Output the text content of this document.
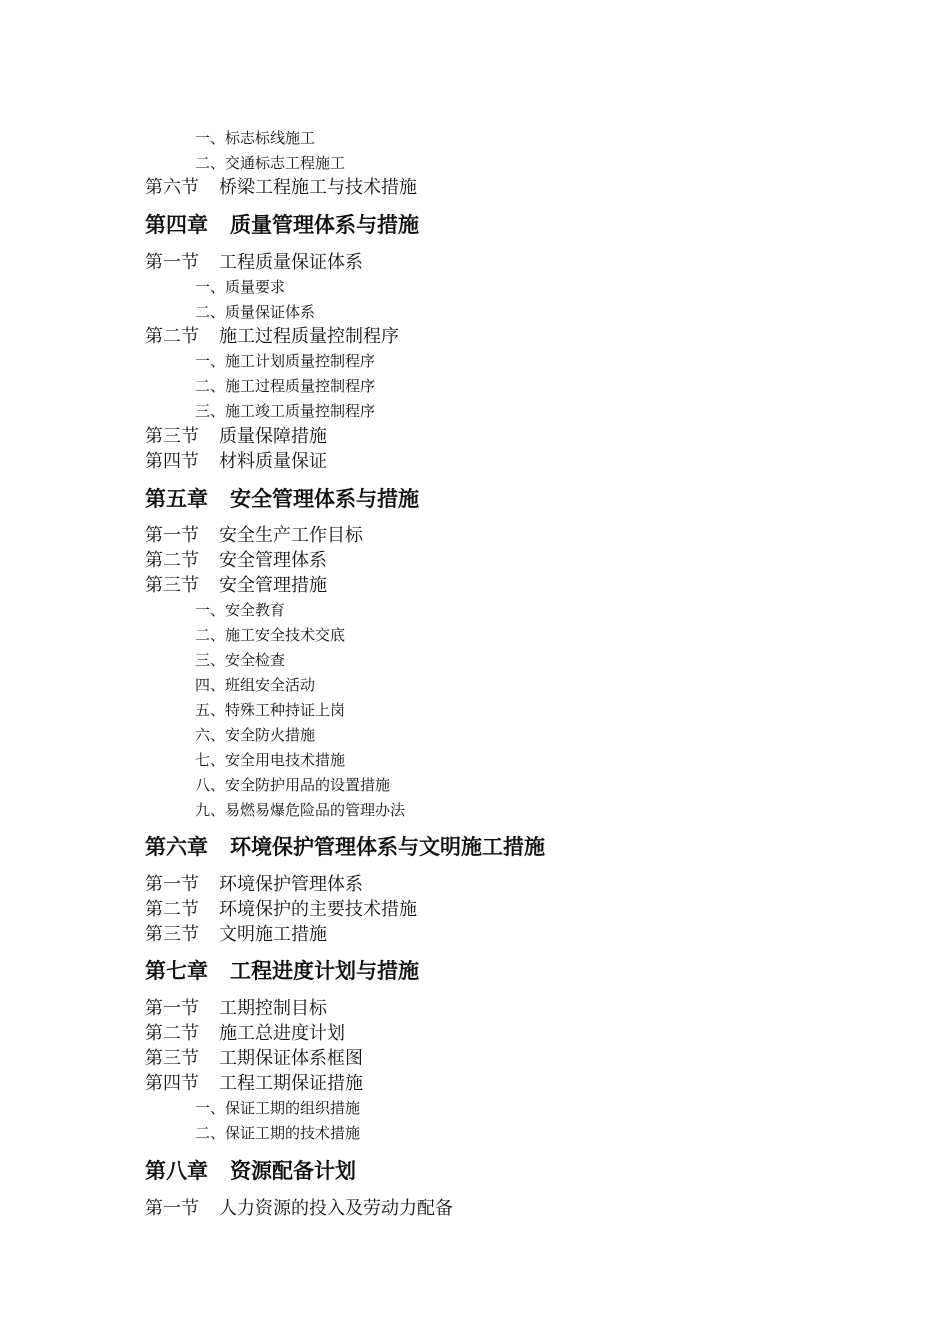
一、标志标线施工
二、交通标志工程施工
第六节 桥梁工程施工与技术措施
第四章 质量管理体系与措施
第一节 工程质量保证体系
一、质量要求
二、质量保证体系
第二节 施工过程质量控制程序
一、施工计划质量控制程序
二、施工过程质量控制程序
三、施工竣工质量控制程序
第三节 质量保障措施
第四节 材料质量保证
第五章 安全管理体系与措施
第一节 安全生产工作目标
第二节 安全管理体系
第三节 安全管理措施
一、安全教育
二、施工安全技术交底
三、安全检查
四、班组安全活动
五、特殊工种持证上岗
六、安全防火措施
七、安全用电技术措施
八、安全防护用品的设置措施
九、易燃易爆危险品的管理办法
第六章 环境保护管理体系与文明施工措施
第一节 环境保护管理体系
第二节 环境保护的主要技术措施
第三节 文明施工措施
第七章 工程进度计划与措施
第一节 工期控制目标
第二节 施工总进度计划
第三节 工期保证体系框图
第四节 工程工期保证措施
一、保证工期的组织措施
二、保证工期的技术措施
第八章 资源配备计划
第一节 人力资源的投入及劳动力配备
